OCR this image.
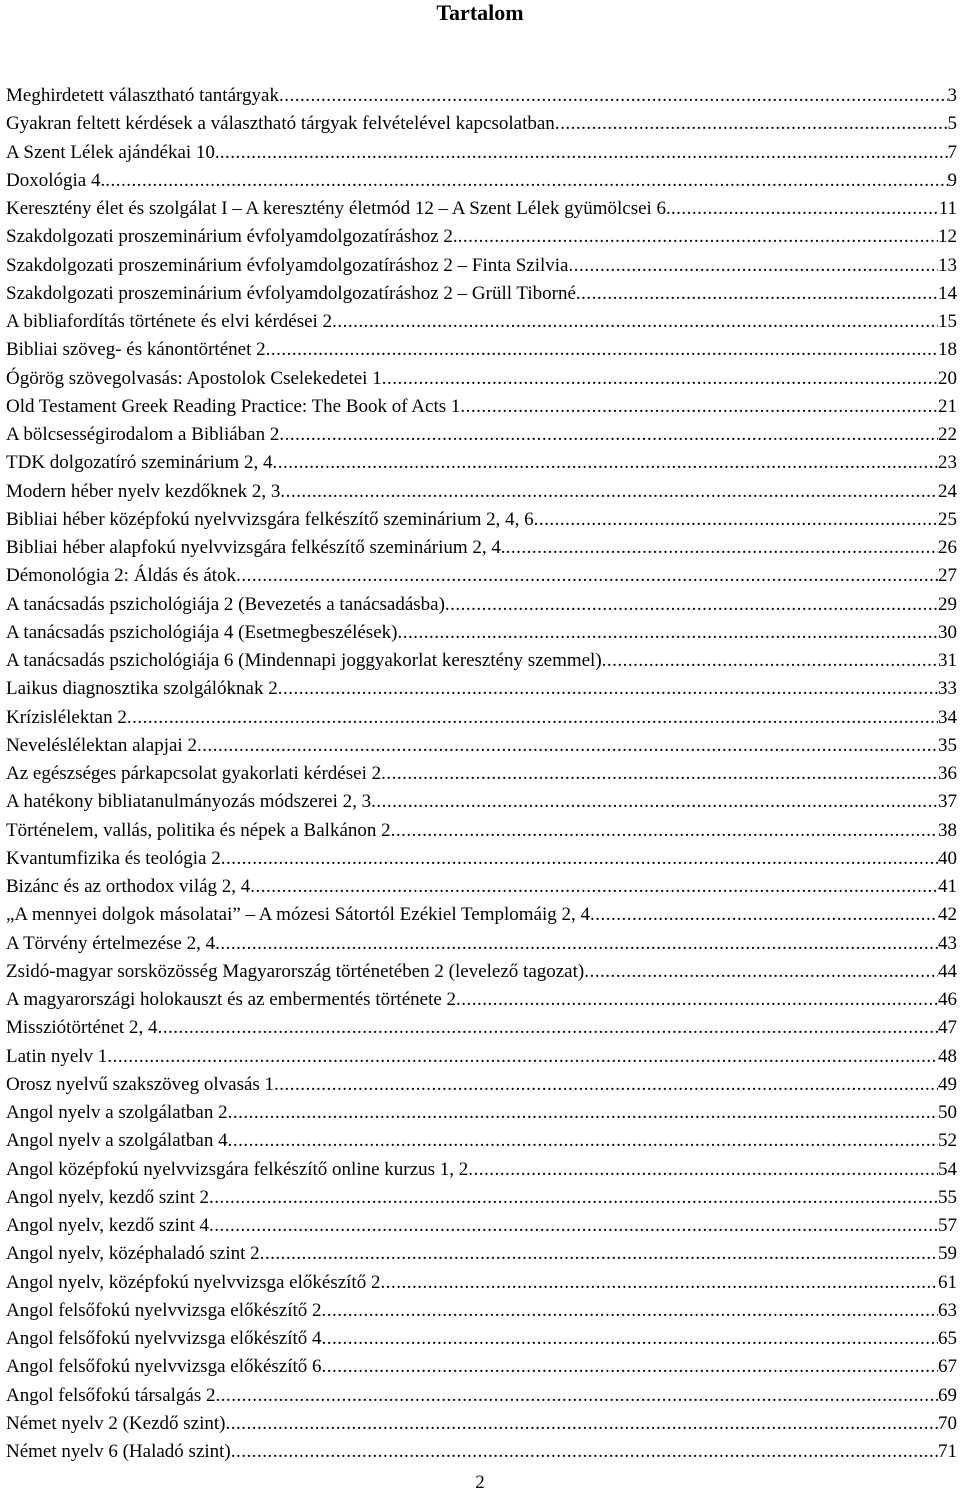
Tartalom
Meghirdetett választható tantárgyak .....	3
Gyakran feltett kérdések a választható tárgyak felvételével kapcsolatban .....	5
A Szent Lélek ajándékai 10. .....	7
Doxológia 4. .....	9
Keresztény élet és szolgálat I – A keresztény életmód 12 – A Szent Lélek gyümölcsei 6. .....	11
Szakdolgozati proszeminárium évfolyamdolgozatíráshoz 2. .....	12
Szakdolgozati proszeminárium évfolyamdolgozatíráshoz 2 – Finta Szilvia .....	13
Szakdolgozati proszeminárium évfolyamdolgozatíráshoz 2 – Grüll Tiborné .....	14
A bibliafordítás története és elvi kérdései 2 .....	15
Bibliai szöveg- és kánontörténet 2 .....	18
Ógörög szövegolvasás: Apostolok Cselekedetei 1 .....	20
Old Testament Greek Reading Practice: The Book of Acts 1 .....	21
A bölcsességirodalom a Bibliában 2 .....	22
TDK dolgozatíró szeminárium 2, 4 .....	23
Modern héber nyelv kezdőknek 2, 3 .....	24
Bibliai héber középfokú nyelvvizsgára felkészítő szeminárium 2, 4, 6 .....	25
Bibliai héber alapfokú nyelvvizsgára felkészítő szeminárium 2, 4. .....	26
Démonológia 2: Áldás és átok .....	27
A tanácsadás pszichológiája 2 (Bevezetés a tanácsadásba) .....	29
A tanácsadás pszichológiája 4 (Esetmegbeszélések) .....	30
A tanácsadás pszichológiája 6 (Mindennapi joggyakorlat keresztény szemmel) .....	31
Laikus diagnosztika szolgálóknak 2 .....	33
Krízislélektan 2 .....	34
Neveléslélektan alapjai 2 .....	35
Az egészséges párkapcsolat gyakorlati kérdései 2 .....	36
A hatékony bibliatanulmányozás módszerei 2, 3 .....	37
Történelem, vallás, politika és népek a Balkánon 2 .....	38
Kvantumfizika és teológia 2 .....	40
Bizánc és az orthodox világ 2, 4 .....	41
„A mennyei dolgok másolatai” – A mózesi Sátortól Ezékiel Templomáig 2, 4 .....	42
A Törvény értelmezése 2, 4 .....	43
Zsidó-magyar sorsközösség Magyarország történetében 2 (levelező tagozat) .....	44
A magyarországi holokauszt és az embermentés története 2 .....	46
Missziótörténet 2, 4 .....	47
Latin nyelv 1 .....	48
Orosz nyelvű szakszöveg olvasás 1 .....	49
Angol nyelv a szolgálatban 2 .....	50
Angol nyelv a szolgálatban 4 .....	52
Angol középfokú nyelvvizsgára felkészítő online kurzus 1, 2 .....	54
Angol nyelv, kezdő szint 2 .....	55
Angol nyelv, kezdő szint 4 .....	57
Angol nyelv, középhaladó szint 2 .....	59
Angol nyelv, középfokú nyelvvizsga előkészítő 2 .....	61
Angol felsőfokú nyelvvizsga előkészítő 2 .....	63
Angol felsőfokú nyelvvizsga előkészítő 4 .....	65
Angol felsőfokú nyelvvizsga előkészítő 6 .....	67
Angol felsőfokú társalgás 2 .....	69
Német nyelv 2 (Kezdő szint) .....	70
Német nyelv 6 (Haladó szint) .....	71
2
